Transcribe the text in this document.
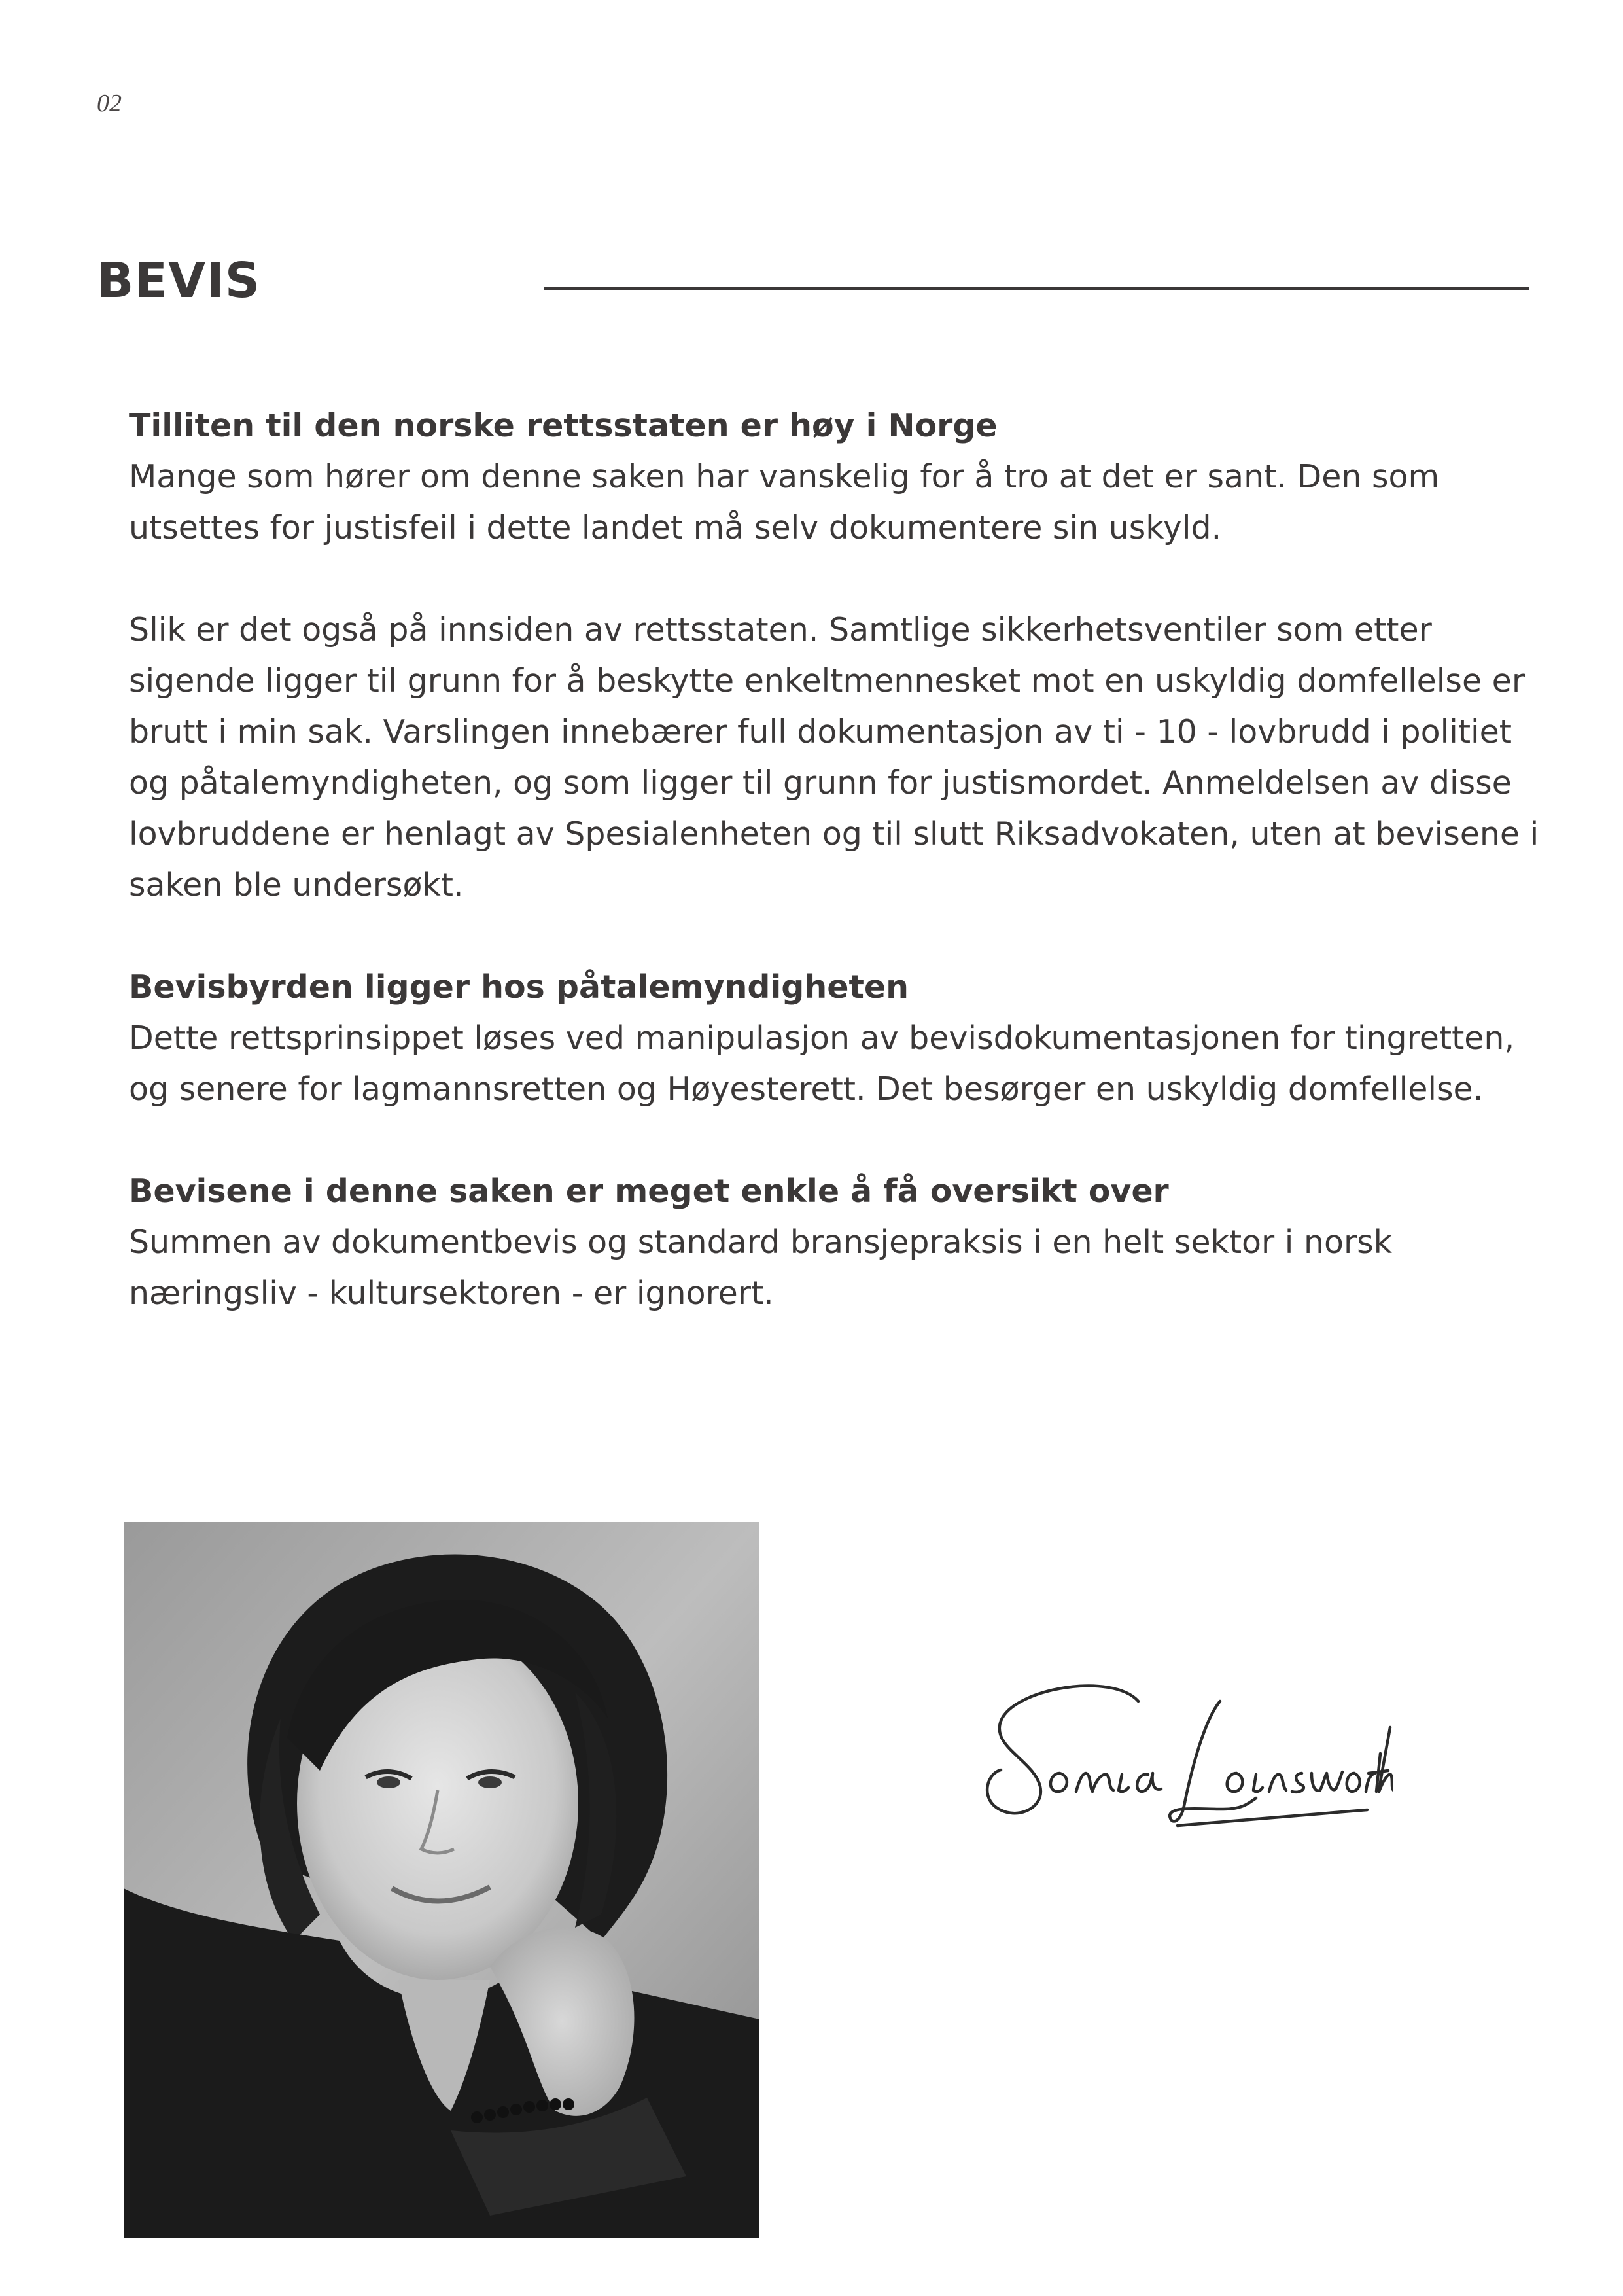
02
BEVIS
Tilliten til den norske rettsstaten er høy i Norge

Mange som hører om denne saken har vanskelig for å tro at det er sant. Den som utsettes for justisfeil i dette landet må selv dokumentere sin uskyld.

Slik er det også på innsiden av rettsstaten. Samtlige sikkerhetsventiler som etter sigende ligger til grunn for å beskytte enkeltmennesket mot en uskyldig domfellelse er brutt i min sak. Varslingen innebærer full dokumentasjon av ti - 10 - lovbrudd i politiet og påtalemyndigheten, og som ligger til grunn for justismordet. Anmeldelsen av disse lovbruddene er henlagt av Spesialenheten og til slutt Riksadvokaten, uten at bevisene i saken ble undersøkt.

Bevisbyrden ligger hos påtalemyndigheten

Dette rettsprinsippet løses ved manipulasjon av bevisdokumentasjonen for tingretten, og senere for lagmannsretten og Høyesterett. Det besørger en uskyldig domfellelse.

Bevisene i denne saken er meget enkle å få oversikt over

Summen av dokumentbevis og standard bransjepraksis i en helt sektor i norsk næringsliv - kultursektoren - er ignorert.
